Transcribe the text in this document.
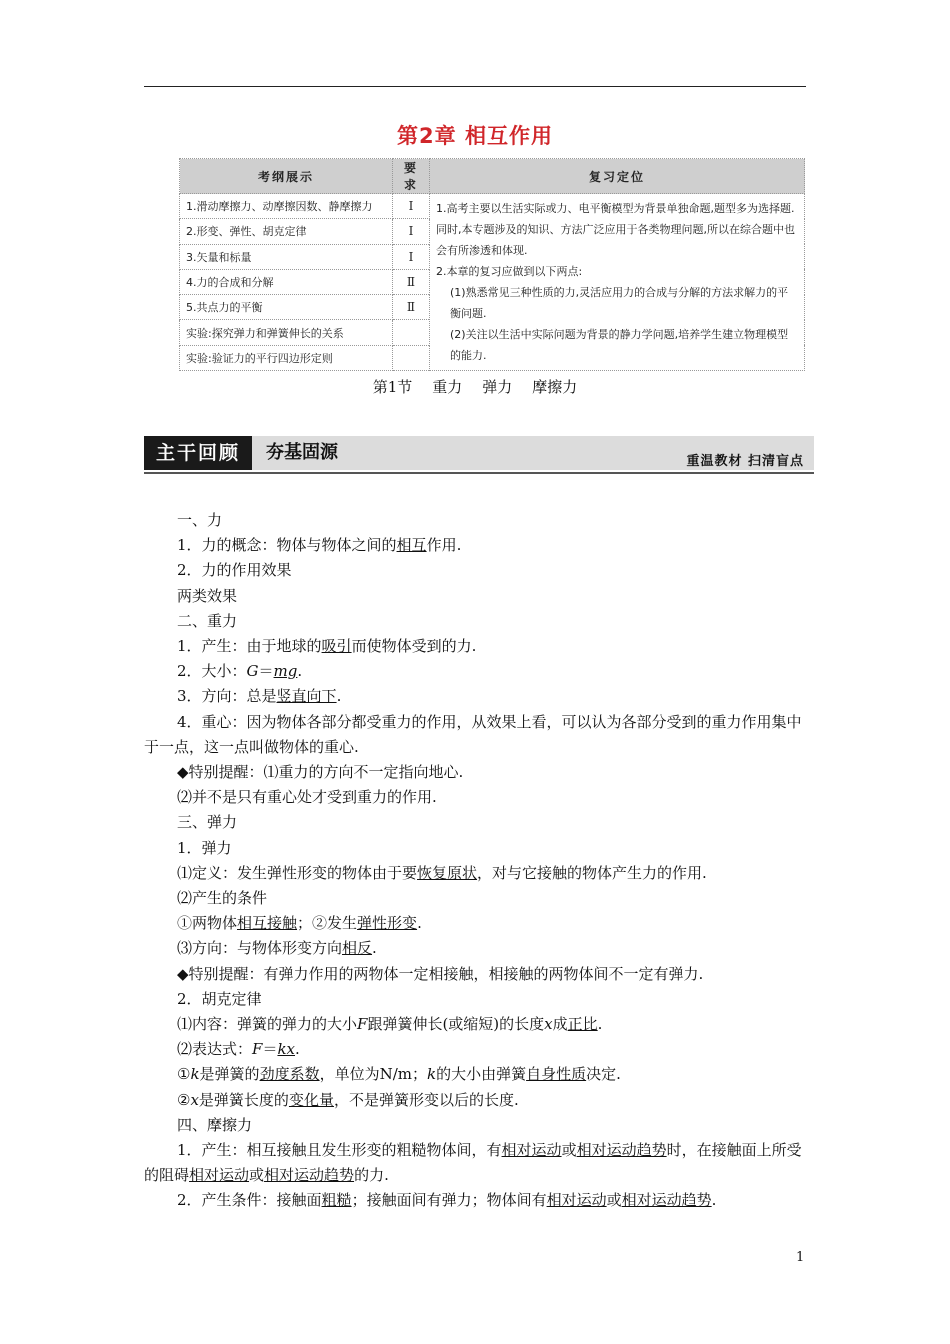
第2章 相互作用
考纲展示	要求	复习定位
1.滑动摩擦力、动摩擦因数、静摩擦力	Ⅰ	1.高考主要以生活实际或力、电平衡模型为背景单独命题,题型多为选择题.同时,本专题涉及的知识、方法广泛应用于各类物理问题,所以在综合题中也会有所渗透和体现.
2.本章的复习应做到以下两点:
(1)熟悉常见三种性质的力,灵活应用力的合成与分解的方法求解力的平衡问题.
(2)关注以生活中实际问题为背景的静力学问题,培养学生建立物理模型的能力.

2.形变、弹性、胡克定律	Ⅰ	
3.矢量和标量	Ⅰ	
4.力的合成和分解	Ⅱ	
5.共点力的平衡	Ⅱ	
实验:探究弹力和弹簧伸长的关系		
实验:验证力的平行四边形定则		
第1节 重力 弹力 摩擦力
主干回顾	夯基固源	重温教材 扫清盲点

一、力

1．力的概念：物体与物体之间的相互作用.

2．力的作用效果

两类效果

二、重力

1．产生：由于地球的吸引而使物体受到的力.

2．大小：G＝mg.

3．方向：总是竖直向下.

4．重心：因为物体各部分都受重力的作用，从效果上看，可以认为各部分受到的重力作用集中于一点，这一点叫做物体的重心.

◆特别提醒：⑴重力的方向不一定指向地心.

⑵并不是只有重心处才受到重力的作用.

三、弹力

1．弹力

⑴定义：发生弹性形变的物体由于要恢复原状，对与它接触的物体产生力的作用.

⑵产生的条件

①两物体相互接触；②发生弹性形变.

⑶方向：与物体形变方向相反.

◆特别提醒：有弹力作用的两物体一定相接触，相接触的两物体间不一定有弹力.

2．胡克定律

⑴内容：弹簧的弹力的大小F跟弹簧伸长(或缩短)的长度x成正比.

⑵表达式：F＝kx.

①k是弹簧的劲度系数，单位为N/m；k的大小由弹簧自身性质决定.

②x是弹簧长度的变化量，不是弹簧形变以后的长度.

四、摩擦力

1．产生：相互接触且发生形变的粗糙物体间，有相对运动或相对运动趋势时，在接触面上所受的阻碍相对运动或相对运动趋势的力.

2．产生条件：接触面粗糙；接触面间有弹力；物体间有相对运动或相对运动趋势.

1
